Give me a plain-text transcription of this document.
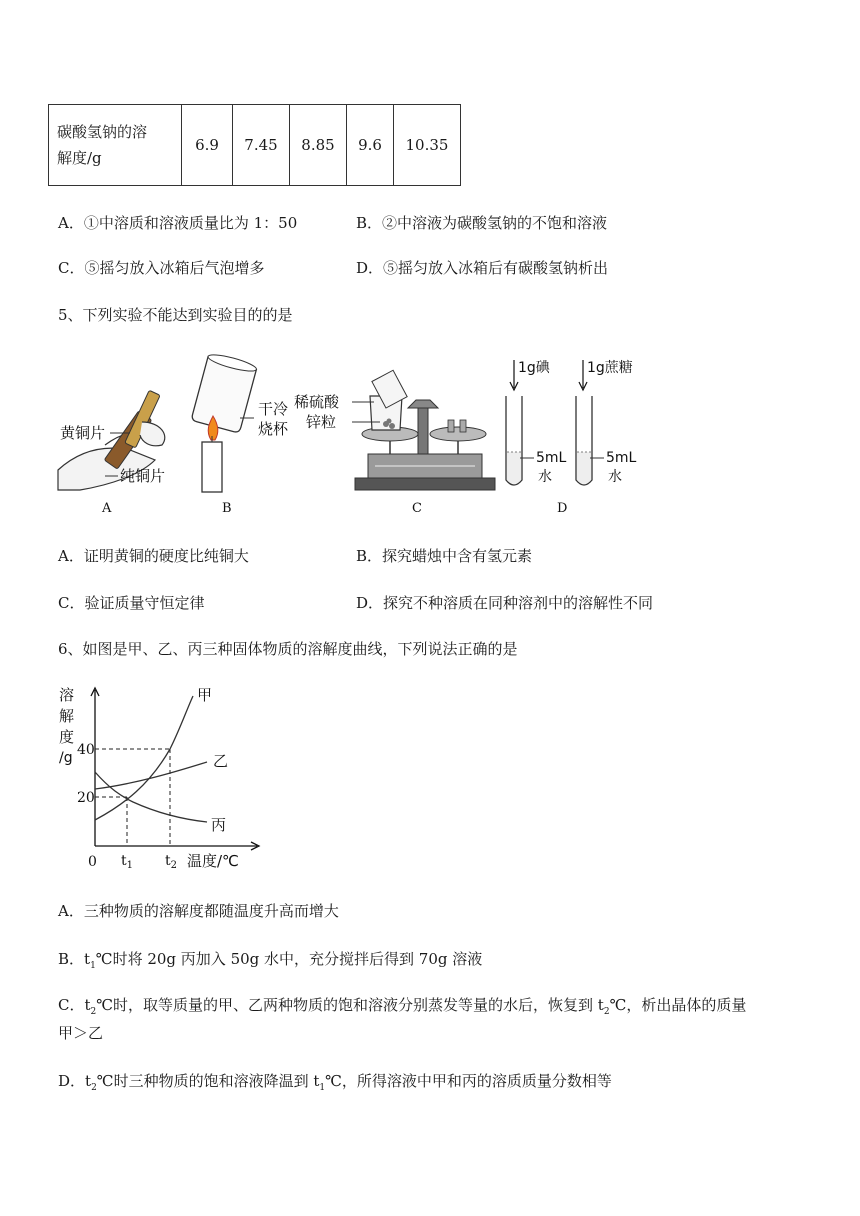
碳酸氢钠的溶
解度/g
	6.9	7.45	8.85	9.6	10.35
A．①中溶质和溶液质量比为 1：50	B．②中溶液为碳酸氢钠的不饱和溶液
C．⑤摇匀放入冰箱后气泡增多	D．⑤摇匀放入冰箱后有碳酸氢钠析出
5、下列实验不能达到实验目的的是
黄铜片
纯铜片
A
干冷
烧杯
B
稀硫酸
锌粒
C
1g碘
5mL
水
1g蔗糖
5mL
水
D
A．证明黄铜的硬度比纯铜大	B．探究蜡烛中含有氢元素
C．验证质量守恒定律	D．探究不种溶质在同种溶剂中的溶解性不同
6、如图是甲、乙、丙三种固体物质的溶解度曲线，下列说法正确的是
溶
解
度
/g 40
20
0 $t_1$ $t_2$ 温度/℃
甲
乙
丙
A．三种物质的溶解度都随温度升高而增大
B．$t_1℃$时将 20g 丙加入 50g 水中，充分搅拌后得到 70g 溶液
C．$t_2℃$时，取等质量的甲、乙两种物质的饱和溶液分别蒸发等量的水后，恢复到 $t_2℃$，析出晶体的质量
甲＞乙
D．$t_2℃$时三种物质的饱和溶液降温到 $t_1℃$，所得溶液中甲和丙的溶质质量分数相等
